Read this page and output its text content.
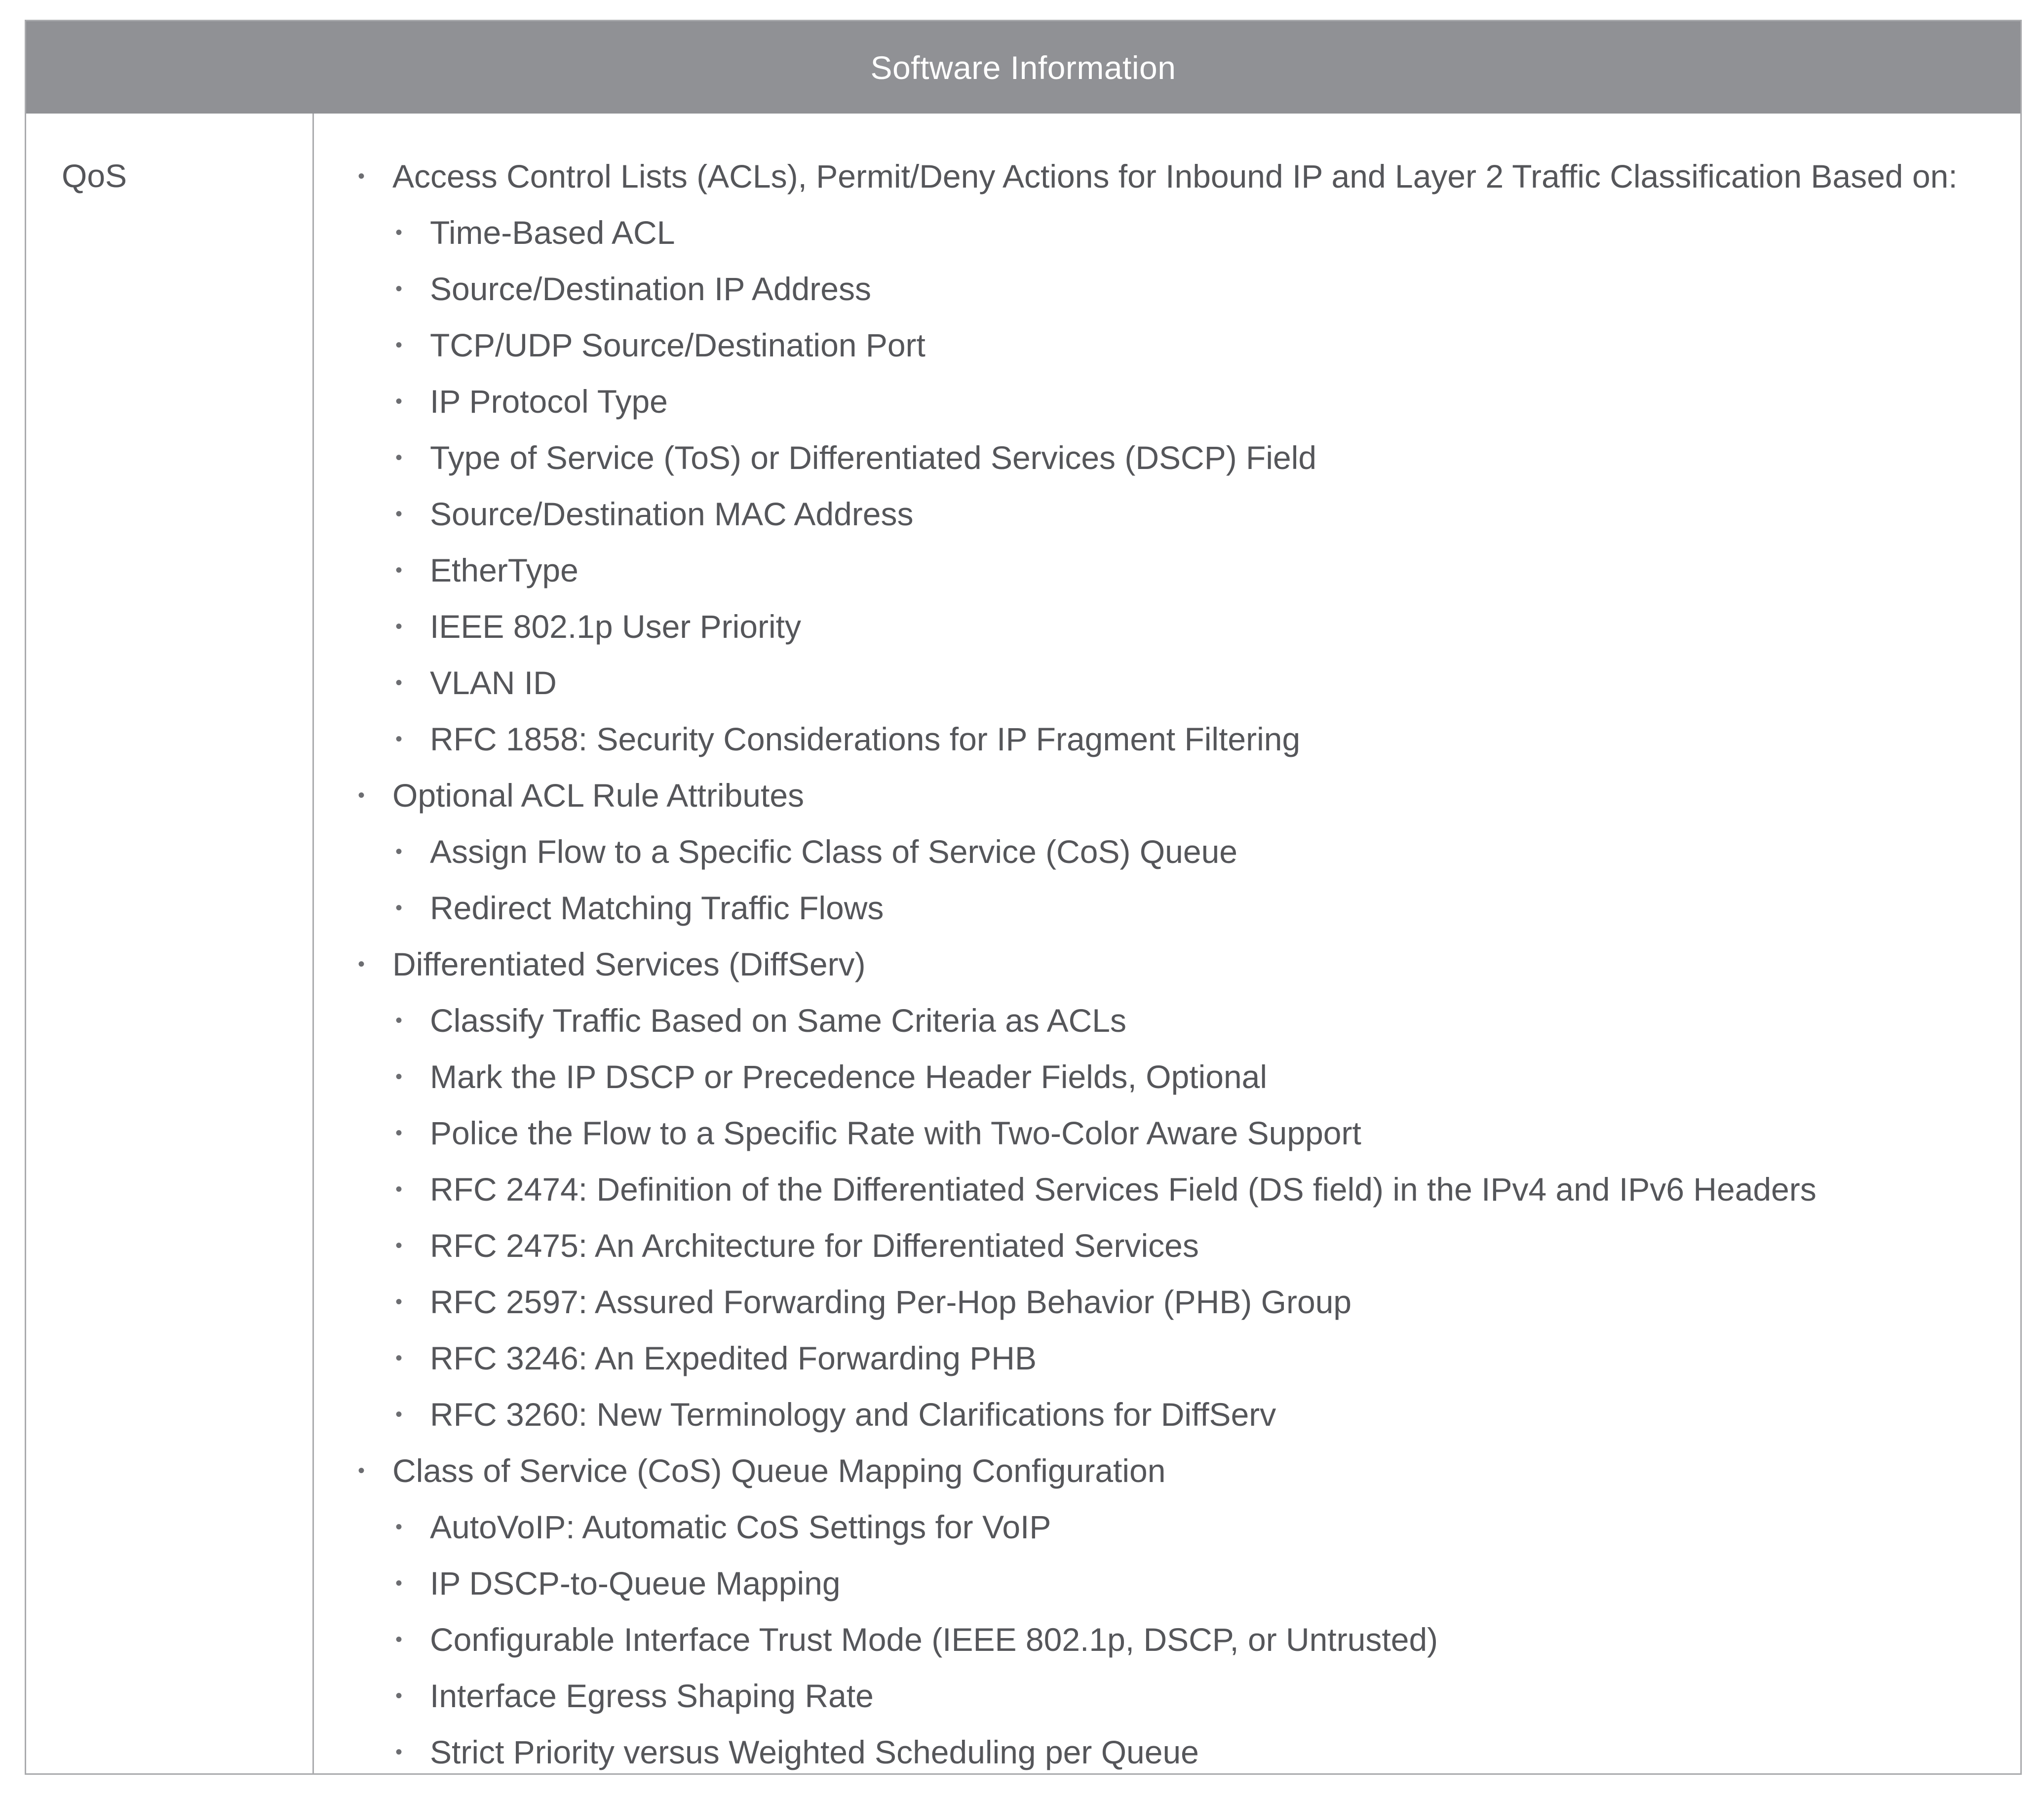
Software Information
QoS	• Access Control Lists (ACLs), Permit/Deny Actions for Inbound IP and Layer 2 Traffic Classification Based on:
• Time-Based ACL
• Source/Destination IP Address
• TCP/UDP Source/Destination Port
• IP Protocol Type
• Type of Service (ToS) or Differentiated Services (DSCP) Field
• Source/Destination MAC Address
• EtherType
• IEEE 802.1p User Priority
• VLAN ID
• RFC 1858: Security Considerations for IP Fragment Filtering
• Optional ACL Rule Attributes
• Assign Flow to a Specific Class of Service (CoS) Queue
• Redirect Matching Traffic Flows
• Differentiated Services (DiffServ)
• Classify Traffic Based on Same Criteria as ACLs
• Mark the IP DSCP or Precedence Header Fields, Optional
• Police the Flow to a Specific Rate with Two-Color Aware Support
• RFC 2474: Definition of the Differentiated Services Field (DS field) in the IPv4 and IPv6 Headers
• RFC 2475: An Architecture for Differentiated Services
• RFC 2597: Assured Forwarding Per-Hop Behavior (PHB) Group
• RFC 3246: An Expedited Forwarding PHB
• RFC 3260: New Terminology and Clarifications for DiffServ
• Class of Service (CoS) Queue Mapping Configuration
• AutoVoIP: Automatic CoS Settings for VoIP
• IP DSCP-to-Queue Mapping
• Configurable Interface Trust Mode (IEEE 802.1p, DSCP, or Untrusted)
• Interface Egress Shaping Rate
• Strict Priority versus Weighted Scheduling per Queue
